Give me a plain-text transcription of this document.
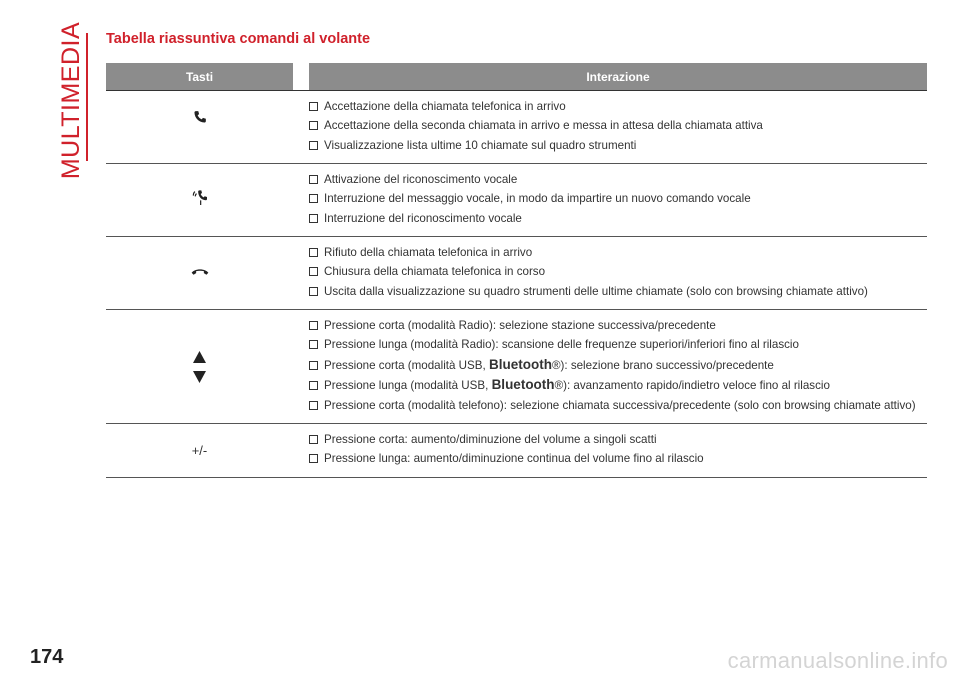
MULTIMEDIA Tabella riassuntiva comandi al volante
Tasti	Interazione
Accettazione della chiamata telefonica in arrivo
Accettazione della seconda chiamata in arrivo e messa in attesa della chiamata attiva
Visualizzazione lista ultime 10 chiamate sul quadro strumenti
Attivazione del riconoscimento vocale
Interruzione del messaggio vocale, in modo da impartire un nuovo comando vocale
Interruzione del riconoscimento vocale
Rifiuto della chiamata telefonica in arrivo
Chiusura della chiamata telefonica in corso
Uscita dalla visualizzazione su quadro strumenti delle ultime chiamate (solo con browsing chiamate attivo)
Pressione corta (modalità Radio): selezione stazione successiva/precedente
Pressione lunga (modalità Radio): scansione delle frequenze superiori/inferiori fino al rilascio
Pressione corta (modalità USB, Bluetooth®): selezione brano successivo/precedente
Pressione lunga (modalità USB, Bluetooth®): avanzamento rapido/indietro veloce fino al rilascio
Pressione corta (modalità telefono): selezione chiamata successiva/precedente (solo con browsing chiamate attivo)
+/-
Pressione corta: aumento/diminuzione del volume a singoli scatti
Pressione lunga: aumento/diminuzione continua del volume fino al rilascio
174	carmanualsonline.info
